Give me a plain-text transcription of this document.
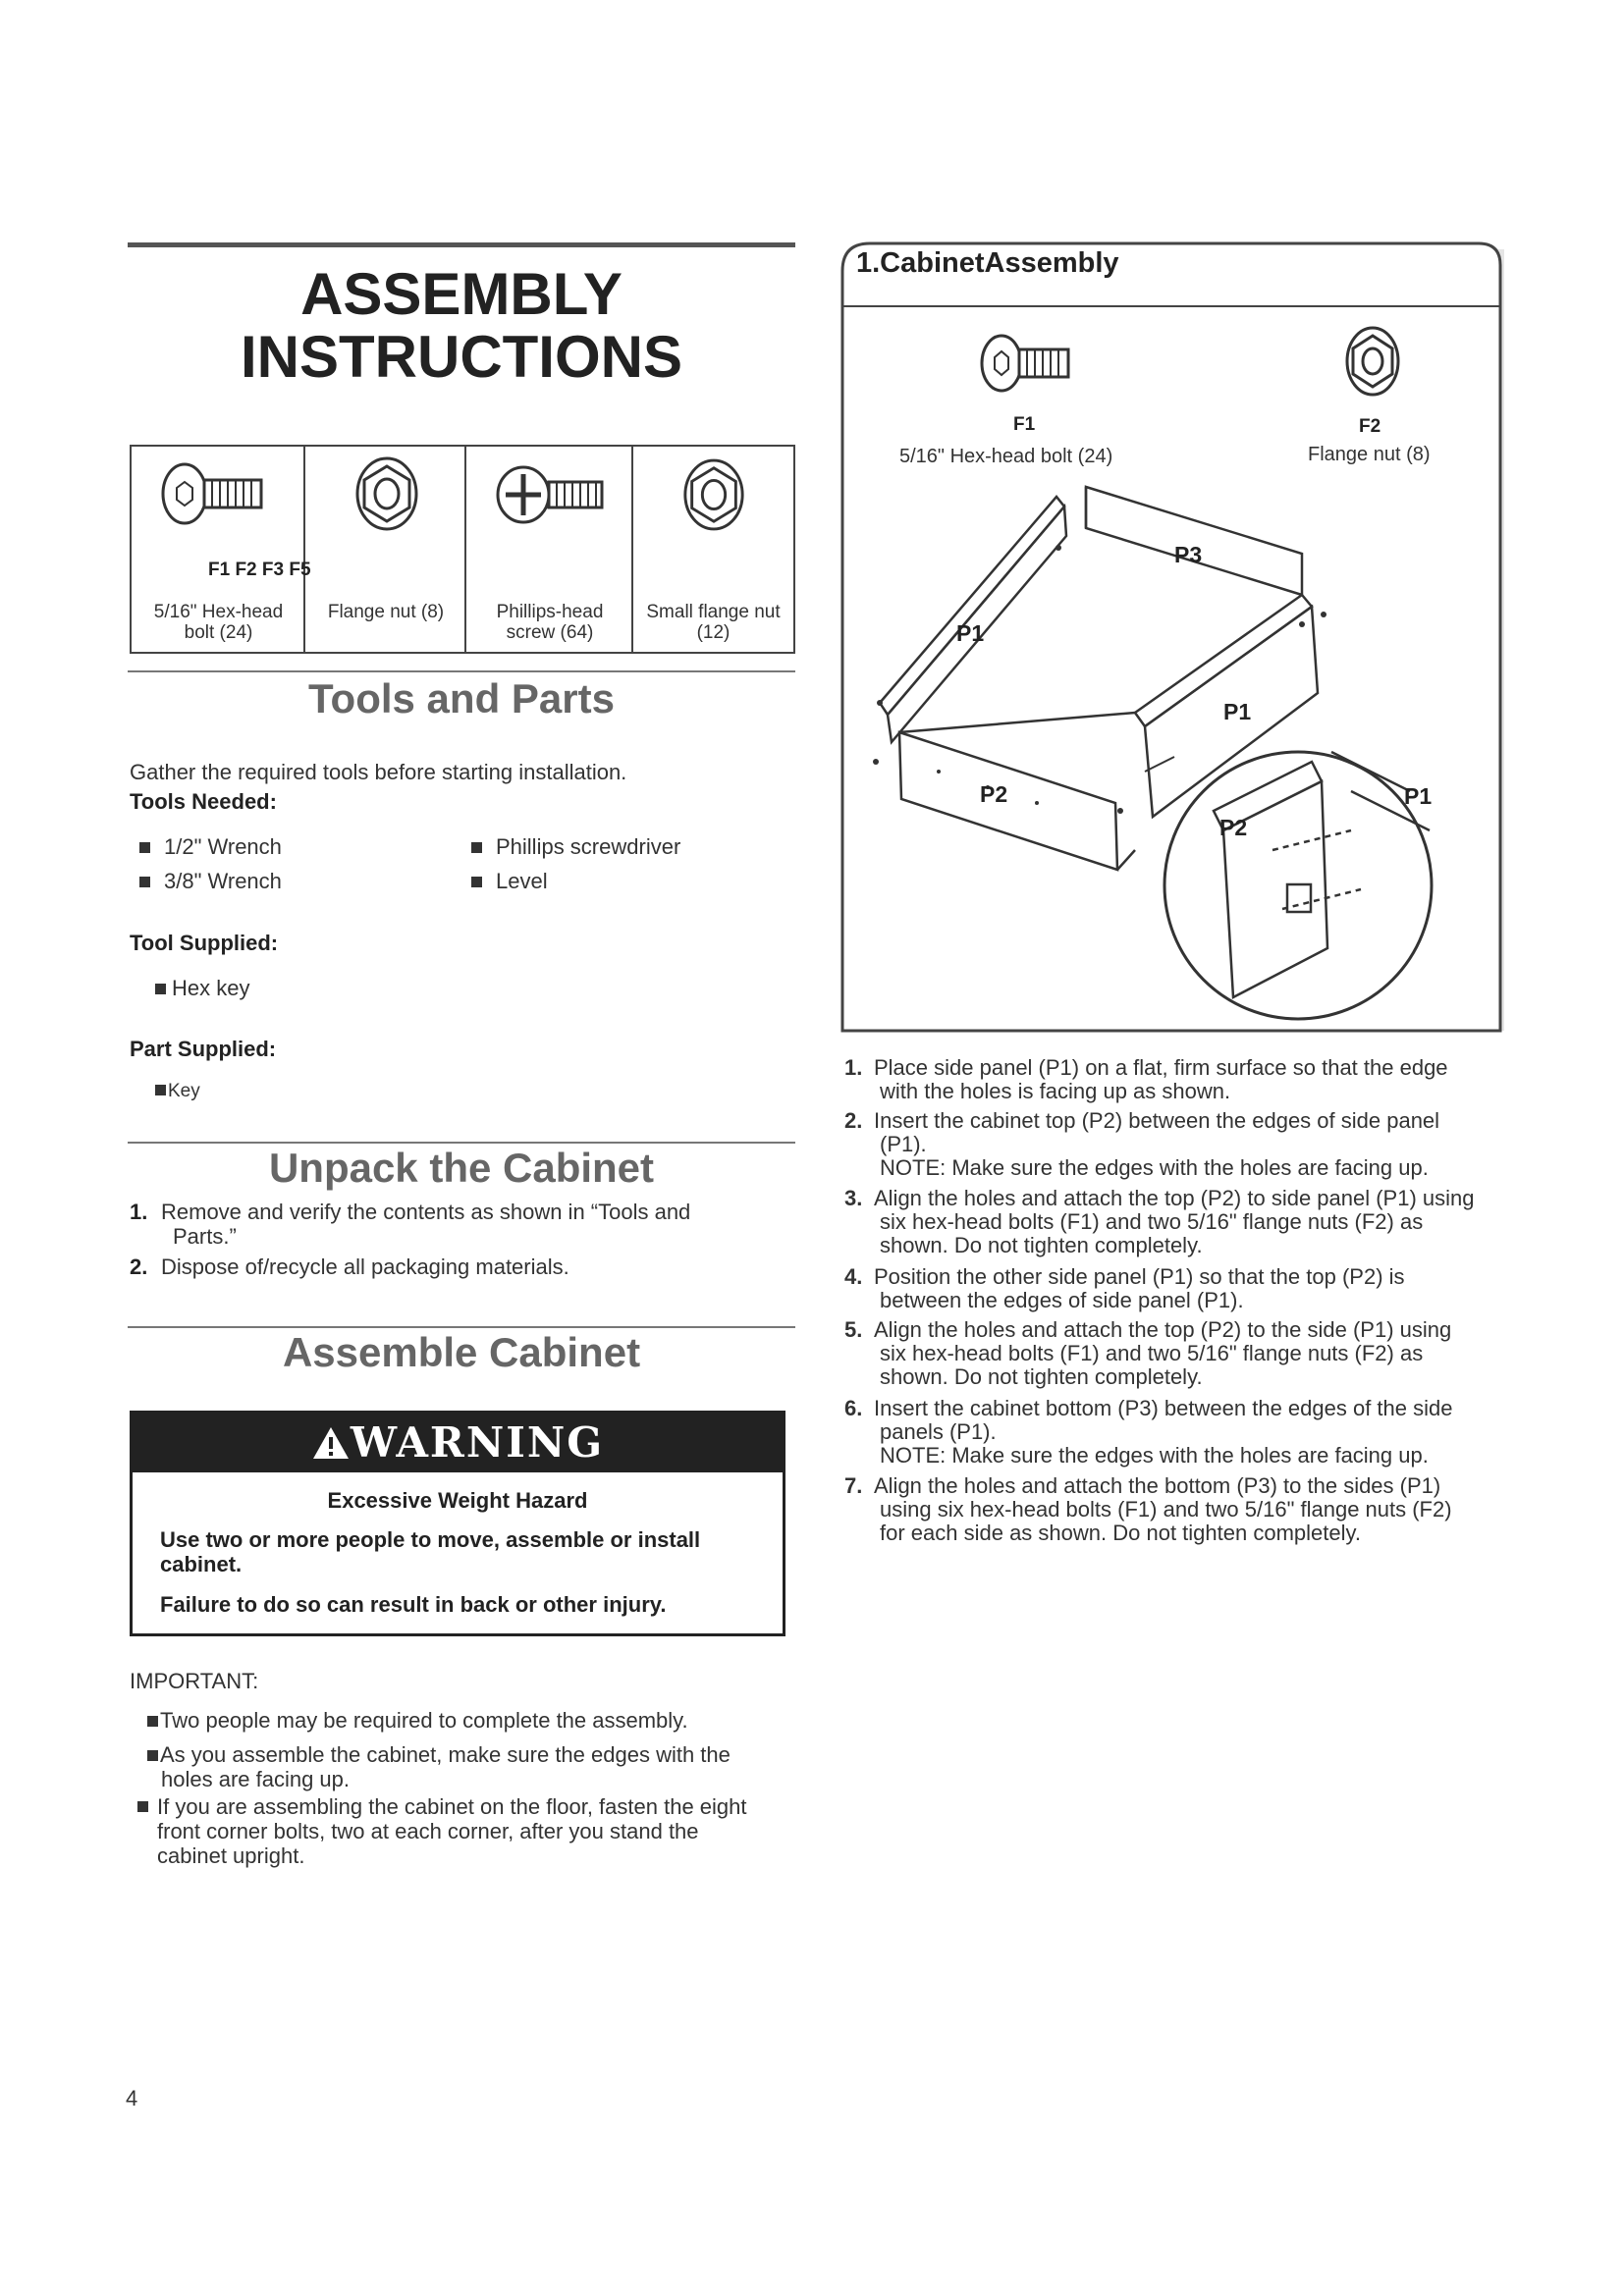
ASSEMBLY
INSTRUCTIONS
5/16" Hex-head
bolt (24)
Flange nut (8)	Phillips-head
screw (64)
Small flange nut
(12)
F1 F2 F3 F5
Tools and Parts
Gather the required tools before starting installation.
Tools Needed:
1/2" Wrench
3/8" Wrench
Phillips screwdriver
Level
Tool Supplied:
Hex key
Part Supplied:
Key
Unpack the Cabinet
1. Remove and verify the contents as shown in “Tools and
Parts.”
2. Dispose of/recycle all packaging materials.
Assemble Cabinet
WARNING
Excessive Weight Hazard
Use two or more people to move, assemble or install
cabinet.
Failure to do so can result in back or other injury.
IMPORTANT:
Two people may be required to complete the assembly.
As you assemble the cabinet, make sure the edges with the
holes are facing up.
If you are assembling the cabinet on the floor, fasten the eight
front corner bolts, two at each corner, after you stand the
cabinet upright.
4
1.CabinetAssembly
F1
5/16" Hex-head bolt (24)
F2
Flange nut (8)
P3
P1
P1
P2
P2
P1
1. Place side panel (P1) on a flat, firm surface so that the edge
with the holes is facing up as shown.
2. Insert the cabinet top (P2) between the edges of side panel
(P1).
NOTE: Make sure the edges with the holes are facing up.
3. Align the holes and attach the top (P2) to side panel (P1) using
six hex-head bolts (F1) and two 5/16" flange nuts (F2) as
shown. Do not tighten completely.
4. Position the other side panel (P1) so that the top (P2) is
between the edges of side panel (P1).
5. Align the holes and attach the top (P2) to the side (P1) using
six hex-head bolts (F1) and two 5/16" flange nuts (F2) as
shown. Do not tighten completely.
6. Insert the cabinet bottom (P3) between the edges of the side
panels (P1).
NOTE: Make sure the edges with the holes are facing up.
7. Align the holes and attach the bottom (P3) to the sides (P1)
using six hex-head bolts (F1) and two 5/16" flange nuts (F2)
for each side as shown. Do not tighten completely.
